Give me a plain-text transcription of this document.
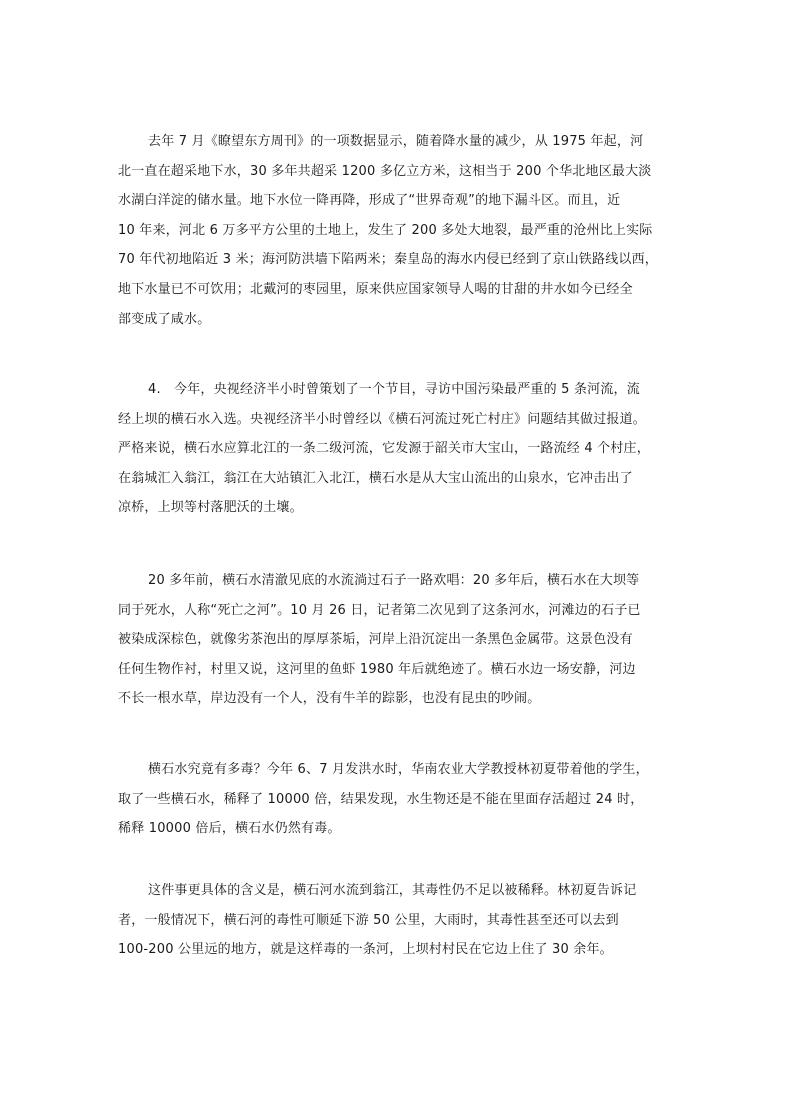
去年 7 月《瞭望东方周刊》的一项数据显示，随着降水量的减少，从 1975 年起，河
北一直在超采地下水，30 多年共超采 1200 多亿立方米，这相当于 200 个华北地区最大淡
水湖白洋淀的储水量。地下水位一降再降，形成了“世界奇观”的地下漏斗区。而且，近
10 年来，河北 6 万多平方公里的土地上，发生了 200 多处大地裂，最严重的沧州比上实际
70 年代初地陷近 3 米；海河防洪墙下陷两米；秦皇岛的海水内侵已经到了京山铁路线以西，
地下水量已不可饮用；北戴河的枣园里，原来供应国家领导人喝的甘甜的井水如今已经全
部变成了咸水。
4.　今年，央视经济半小时曾策划了一个节目，寻访中国污染最严重的 5 条河流，流
经上坝的横石水入选。央视经济半小时曾经以《横石河流过死亡村庄》问题结其做过报道。
严格来说，横石水应算北江的一条二级河流，它发源于韶关市大宝山，一路流经 4 个村庄，
在翁城汇入翁江，翁江在大站镇汇入北江，横石水是从大宝山流出的山泉水，它冲击出了
凉桥，上坝等村落肥沃的土壤。
20 多年前，横石水清澈见底的水流淌过石子一路欢唱：20 多年后，横石水在大坝等
同于死水，人称“死亡之河”。10 月 26 日，记者第二次见到了这条河水，河滩边的石子已
被染成深棕色，就像劣茶泡出的厚厚茶垢，河岸上沿沉淀出一条黑色金属带。这景色没有
任何生物作衬，村里又说，这河里的鱼虾 1980 年后就绝迹了。横石水边一场安静，河边
不长一根水草，岸边没有一个人，没有牛羊的踪影，也没有昆虫的吵闹。
横石水究竟有多毒？今年 6、7 月发洪水时，华南农业大学教授林初夏带着他的学生，
取了一些横石水，稀释了 10000 倍，结果发现，水生物还是不能在里面存活超过 24 时，
稀释 10000 倍后，横石水仍然有毒。
这件事更具体的含义是，横石河水流到翁江，其毒性仍不足以被稀释。林初夏告诉记
者，一般情况下，横石河的毒性可顺延下游 50 公里，大雨时，其毒性甚至还可以去到
100-200 公里远的地方，就是这样毒的一条河，上坝村村民在它边上住了 30 余年。
